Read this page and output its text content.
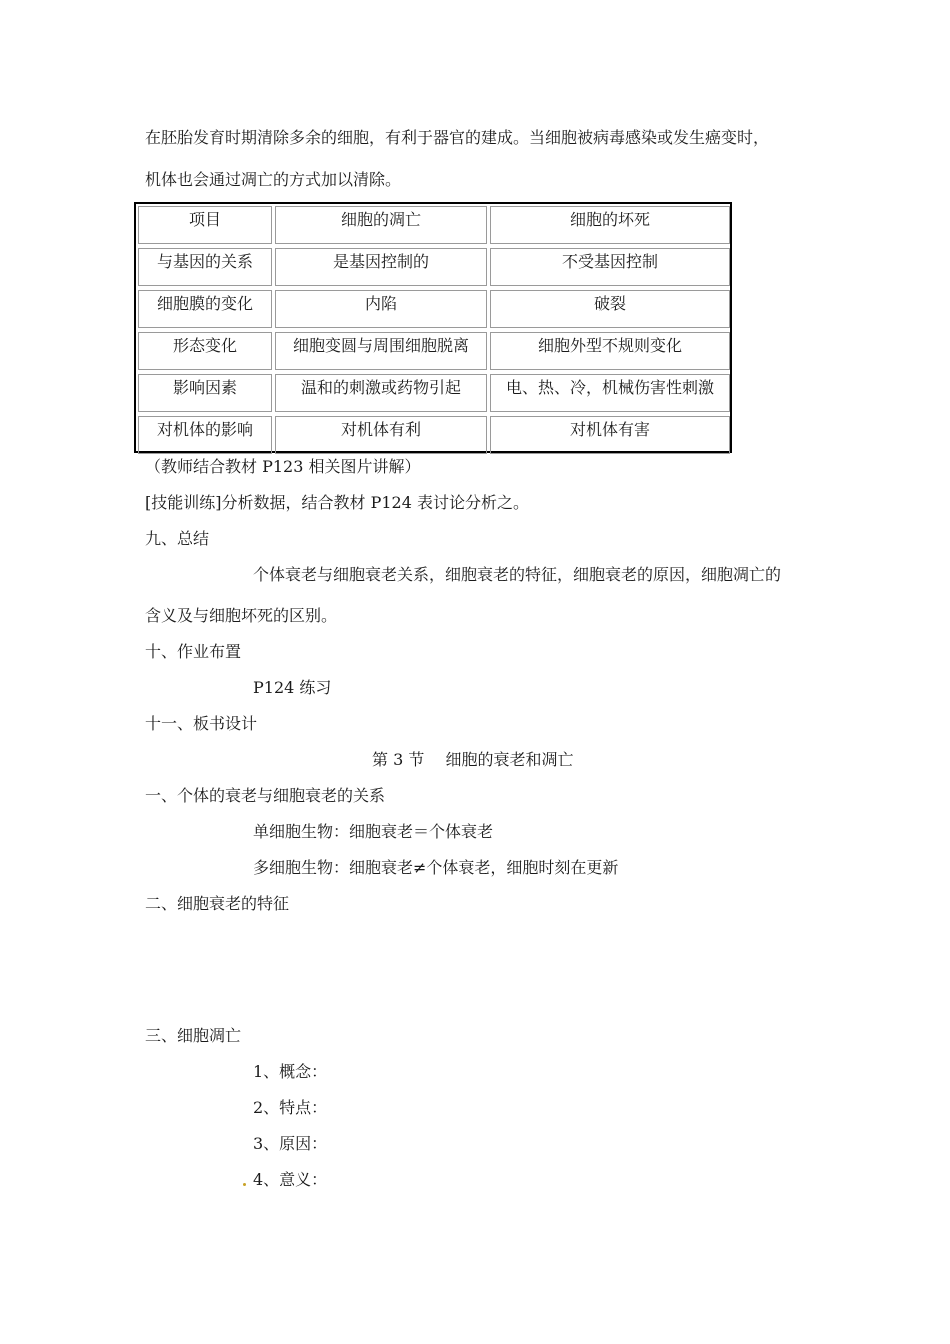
在胚胎发育时期清除多余的细胞，有利于器官的建成。当细胞被病毒感染或发生癌变时，
机体也会通过凋亡的方式加以清除。
项目	细胞的凋亡	细胞的坏死
与基因的关系	是基因控制的	不受基因控制
细胞膜的变化	内陷	破裂
形态变化	细胞变圆与周围细胞脱离	细胞外型不规则变化
影响因素	温和的刺激或药物引起	电、热、冷，机械伤害性刺激
对机体的影响	对机体有利	对机体有害
（教师结合教材 P123 相关图片讲解）
[技能训练]分析数据，结合教材 P124 表讨论分析之。
九、总结
个体衰老与细胞衰老关系，细胞衰老的特征，细胞衰老的原因，细胞凋亡的
含义及与细胞坏死的区别。
十、作业布置
P124 练习
十一、板书设计
第 3 节　 细胞的衰老和凋亡
一、个体的衰老与细胞衰老的关系
单细胞生物：细胞衰老＝个体衰老
多细胞生物：细胞衰老≠个体衰老，细胞时刻在更新
二、细胞衰老的特征
三、细胞凋亡
1、概念：
2、特点：
3、原因：
4、意义：
